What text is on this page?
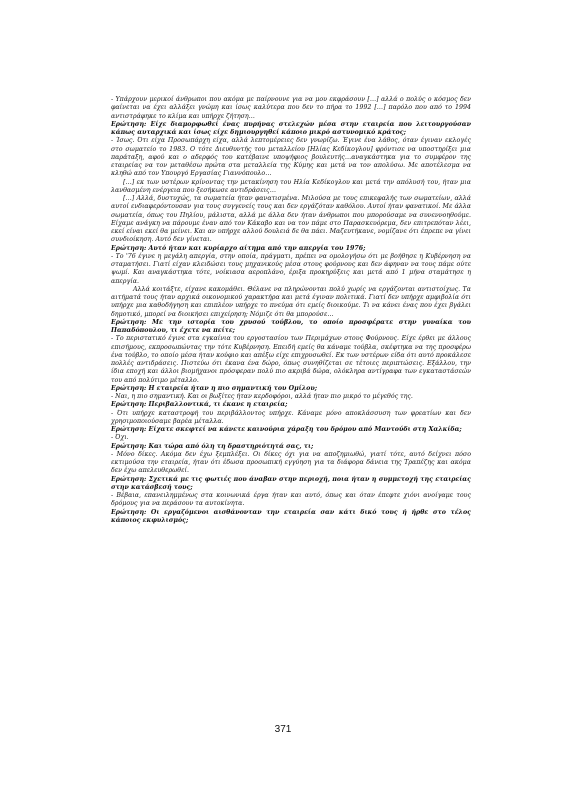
- Υπάρχουν μερικοί άνθρωποι που ακόμα με παίρνουνε για να μου εκφράσουν […] αλλά ο πολύς ο κόσμος δεν φαίνεται να έχει αλλάξει γνώμη και ίσως καλύτερα που δεν το πήρα το 1992 […] παρόλο που από το 1994 αντιστράφηκε το κλίμα και υπήρχε ζήτηση…

Ερώτηση: Είχε διαμορφωθεί ένας πυρήνας στελεχών μέσα στην εταιρεία που λειτουργούσαν κάπως αυταρχικά και ίσως είχε δημιουργηθεί κάποιο μικρό αστυνομικό κράτος;

- Ίσως. Ότι είχα Προσωπάρχη είχα, αλλά λεπτομέρειες δεν γνωρίζω. Έγινε ένα λάθος, όταν έγιναν εκλογές στο σωματείο το 1983. Ο τότε Διευθυντής του μεταλλείου [Ηλίας Κεδίκογλου] φρόντισε να υποστηρίξει μια παράταξη, αφού και ο αδερφός του κατέβαινε υποψήφιος βουλευτής…αναγκάστηκα για το συμφέρον της εταιρείας να τον μεταθέσω πρώτα στα μεταλλεία της Κύμης και μετά να τον απολύσω. Με αποτέλεσμα να κληθώ από τον Υπουργό Εργασίας Γιαννόπουλο…

[…] εκ των υστέρων κρίνοντας την μετακίνηση του Ηλία Κεδίκογλου και μετά την απόλυσή του, ήταν μια λανθασμένη ενέργεια που ξεσήκωσε αντιδράσεις…

[…] Αλλά, δυστυχώς, τα σωματεία ήταν φανατισμένα. Μιλούσα με τους επικεφαλής των σωματείων, αλλά αυτοί ενδιαφερόντουσαν για τους συγγενείς τους και δεν εργάζόταν καθόλου. Αυτοί ήταν φανατικοί. Με άλλα σωματεία, όπως του Πηλίου, μάλιστα, αλλά με άλλα δεν ήταν άνθρωποι που μπορούσαμε να συνεννοηθούμε. Είχαμε ανάγκη να πάρουμε έναν από τον Κάκαβο και να τον πάμε στο Παρασκευόρεμα, δεν επιτρεπόταν λέει, εκεί είναι εκεί θα μείνει. Και αν υπήρχε αλλού δουλειά δε θα πάει. Μαζευτήκανε, νομίζανε ότι έπρεπε να γίνει συνδιοίκηση. Αυτό δεν γίνεται.

Ερώτηση: Αυτό ήταν και κυρίαρχο αίτημα από την απεργία του 1976;

- Το '76 έγινε η μεγάλη απεργία, στην οποία, πράγματι, πρέπει να ομολογήσω ότι με βοήθησε η Κυβέρνηση να σταματήσει. Γιατί είχαν κλειδώσει τους μηχανικούς μέσα στους φούρνους και δεν άφηναν να τους πάμε ούτε ψωμί. Και αναγκάστηκα τότε, νοίκιασα αεροπλάνο, έριξα προκηρύξεις και μετά από 1 μήνα σταμάτησε η απεργία.

Αλλά κοιτάξτε, είχανε κακομάθει. Θέλανε να πληρώνονται πολύ χωρίς να εργάζονται αντιστοίχως. Τα αιτήματά τους ήταν αρχικά οικονομικού χαρακτήρα και μετά έγιναν πολιτικά. Γιατί δεν υπήρχε αμφιβολία ότι υπήρχε μια καθοδήγηση και επιπλέον υπήρχε το πνεύμα ότι εμείς διοικούμε. Τι να κάνει ένας που έχει βγάλει δημοτικό, μπορεί να διοικήσει επιχείρηση; Νόμιζε ότι θα μπορούσε…

Ερώτηση: Με την ιστορία του χρυσού τούβλου, το οποίο προσφέρατε στην γυναίκα του Παπαδόπουλου, τι έχετε να πείτε;

- Το περιστατικό έγινε στα εγκαίνια του εργοστασίου των Περιμάχων στους Φούρνους. Είχε έρθει με άλλους επισήμους, εκπροσωπώντας την τότε Κυβέρνηση. Επειδή εμείς θα κάναμε τούβλα, σκέφτηκα να της προσφέρω ένα τούβλο, το οποίο μέσα ήταν κούφιο και απέξω είχε επιχρυσωθεί. Εκ των υστέρων είδα ότι αυτό προκάλεσε πολλές αντιδράσεις. Πιστεύω ότι έκανα ένα δώρο, όπως συνηθίζεται σε τέτοιες περιπτώσεις. Εξάλλου, την ίδια εποχή και άλλοι βιομήχανοι πρόσφεραν πολύ πιο ακριβά δώρα, ολόκληρα αντίγραφα των εγκαταστάσεών του από πολύτιμο μέταλλο.

Ερώτηση: Η εταιρεία ήταν η πιο σημαντική του Ομίλου;

- Ναι, η πιο σημαντική. Και οι βωξίτες ήταν κερδοφόροι, αλλά ήταν πιο μικρό το μέγεθός της.

Ερώτηση: Περιβαλλοντικά, τι έκανε η εταιρεία;

- Ότι υπήρχε καταστροφή του περιβάλλοντος υπήρχε. Κάναμε μόνο αποκλάσσυση των φρεατίων και δεν χρησιμοποιούσαμε βαρέα μέταλλα.

Ερώτηση: Είχατε σκεφτεί να κάνετε καινούρια χάραξη του δρόμου από Μαντούδι στη Χαλκίδα;

- Όχι.

Ερώτηση: Και τώρα από όλη τη δραστηριότητά σας, τι;

- Μόνο δίκες. Ακόμα δεν έχω ξεμπλέξει. Οι δίκες όχι για να αποζημιωθώ, γιατί τότε, αυτό δείχνει πόσο εκτιμούσα την εταιρεία, ήταν ότι έδωσα προσωπική εγγύηση για τα διάφορα δάνεια της Τραπέζης και ακόμα δεν έχω απελευθερωθεί.

Ερώτηση: Σχετικά με τις φωτιές που άναβαν στην περιοχή, ποια ήταν η συμμετοχή της εταιρείας στην κατάσβεσή τους;

- Βέβαια, επανειλημμένως στα κοινωνικά έργα ήταν και αυτό, όπως και όταν έπεφτε χιόνι ανοίγαμε τους δρόμους για να περάσουν τα αυτοκίνητα.

Ερώτηση: Οι εργαζόμενοι αισθάνονταν την εταιρεία σαν κάτι δικό τους ή ήρθε στο τέλος κάποιος εκφυλισμός;

371
